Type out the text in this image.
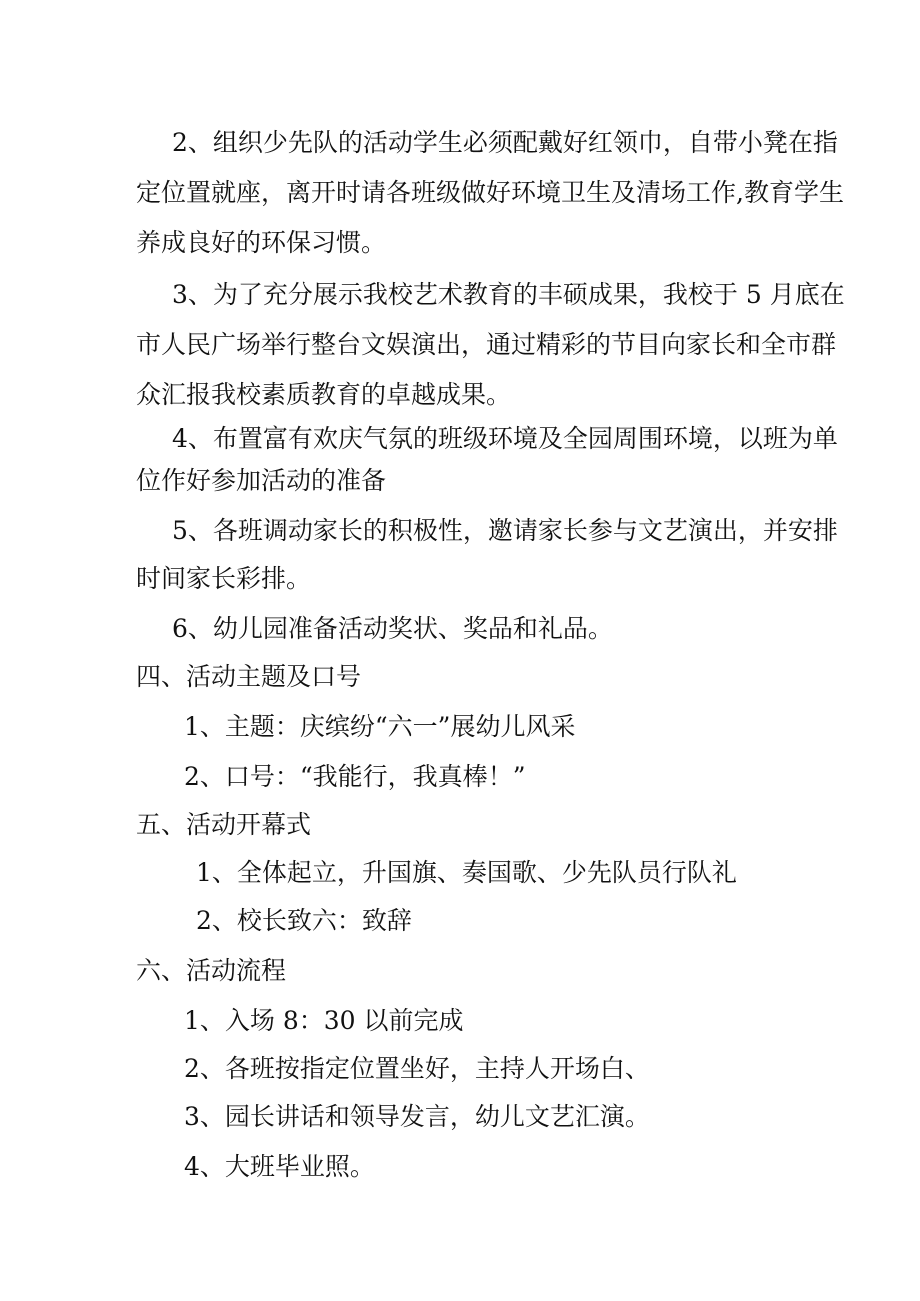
2、组织少先队的活动学生必须配戴好红领巾，自带小凳在指
定位置就座，离开时请各班级做好环境卫生及清场工作,教育学生
养成良好的环保习惯。
3、为了充分展示我校艺术教育的丰硕成果，我校于 5 月底在
市人民广场举行整台文娱演出，通过精彩的节目向家长和全市群
众汇报我校素质教育的卓越成果。
4、布置富有欢庆气氛的班级环境及全园周围环境，以班为单
位作好参加活动的准备
5、各班调动家长的积极性，邀请家长参与文艺演出，并安排
时间家长彩排。
6、幼儿园准备活动奖状、奖品和礼品。
四、活动主题及口号
1、主题：庆缤纷“六一”展幼儿风采
2、口号：“我能行，我真棒！”
五、活动开幕式
1、全体起立，升国旗、奏国歌、少先队员行队礼
2、校长致六：致辞
六、活动流程
1、入场 8：30 以前完成
2、各班按指定位置坐好，主持人开场白、
3、园长讲话和领导发言，幼儿文艺汇演。
4、大班毕业照。
